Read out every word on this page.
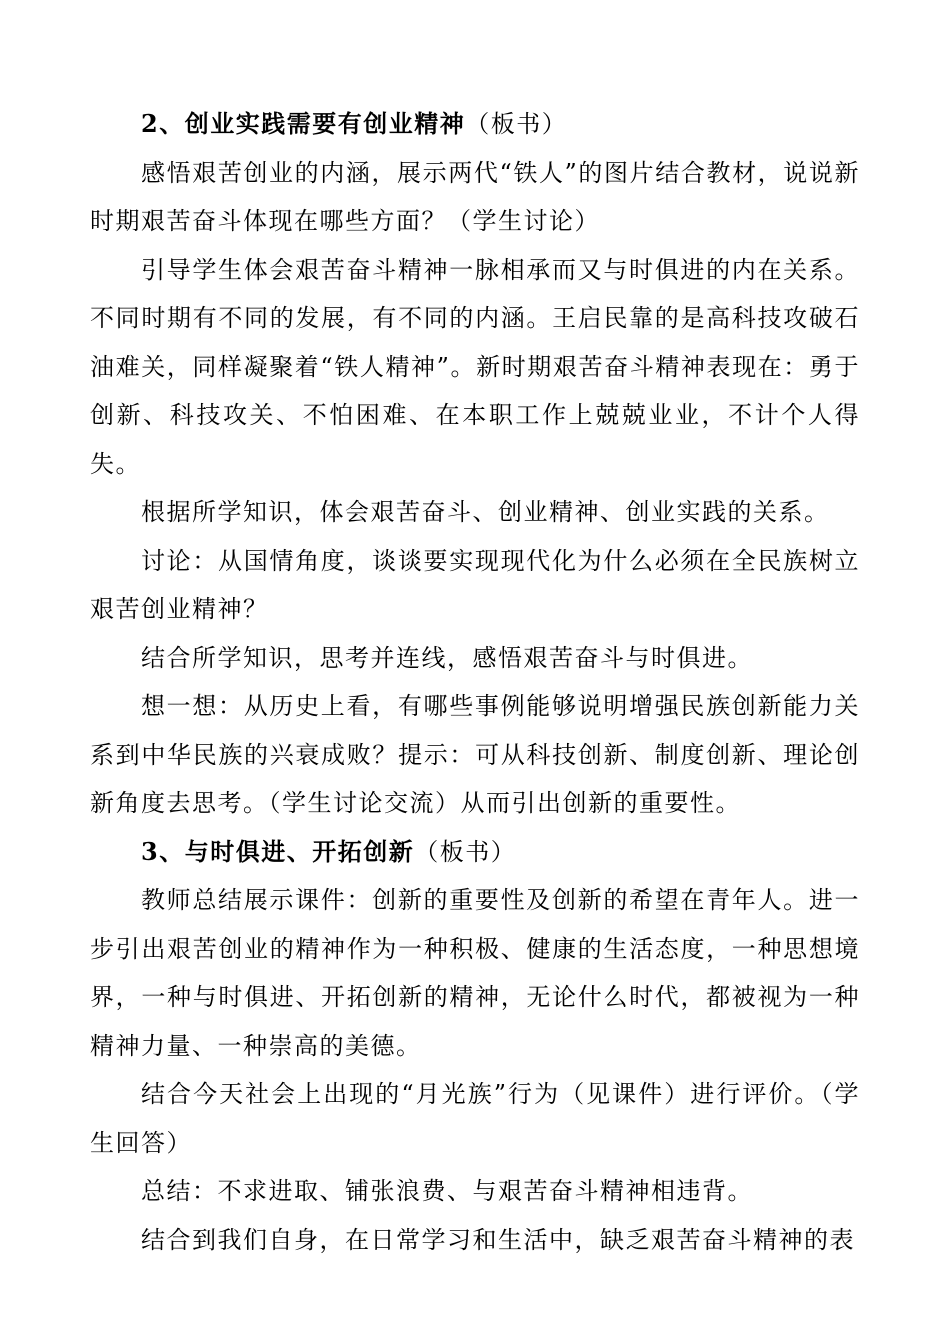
2、创业实践需要有创业精神（板书）

感悟艰苦创业的内涵，展示两代“铁人”的图片结合教材，说说新时期艰苦奋斗体现在哪些方面？（学生讨论）

引导学生体会艰苦奋斗精神一脉相承而又与时俱进的内在关系。不同时期有不同的发展，有不同的内涵。王启民靠的是高科技攻破石油难关，同样凝聚着“铁人精神”。新时期艰苦奋斗精神表现在：勇于创新、科技攻关、不怕困难、在本职工作上兢兢业业，不计个人得失。

根据所学知识，体会艰苦奋斗、创业精神、创业实践的关系。

讨论：从国情角度，谈谈要实现现代化为什么必须在全民族树立艰苦创业精神？

结合所学知识，思考并连线，感悟艰苦奋斗与时俱进。

想一想：从历史上看，有哪些事例能够说明增强民族创新能力关系到中华民族的兴衰成败？提示：可从科技创新、制度创新、理论创新角度去思考。（学生讨论交流）从而引出创新的重要性。

3、与时俱进、开拓创新（板书）

教师总结展示课件：创新的重要性及创新的希望在青年人。进一步引出艰苦创业的精神作为一种积极、健康的生活态度，一种思想境界，一种与时俱进、开拓创新的精神，无论什么时代，都被视为一种精神力量、一种崇高的美德。

结合今天社会上出现的“月光族”行为（见课件）进行评价。（学生回答）

总结：不求进取、铺张浪费、与艰苦奋斗精神相违背。

结合到我们自身，在日常学习和生活中，缺乏艰苦奋斗精神的表
